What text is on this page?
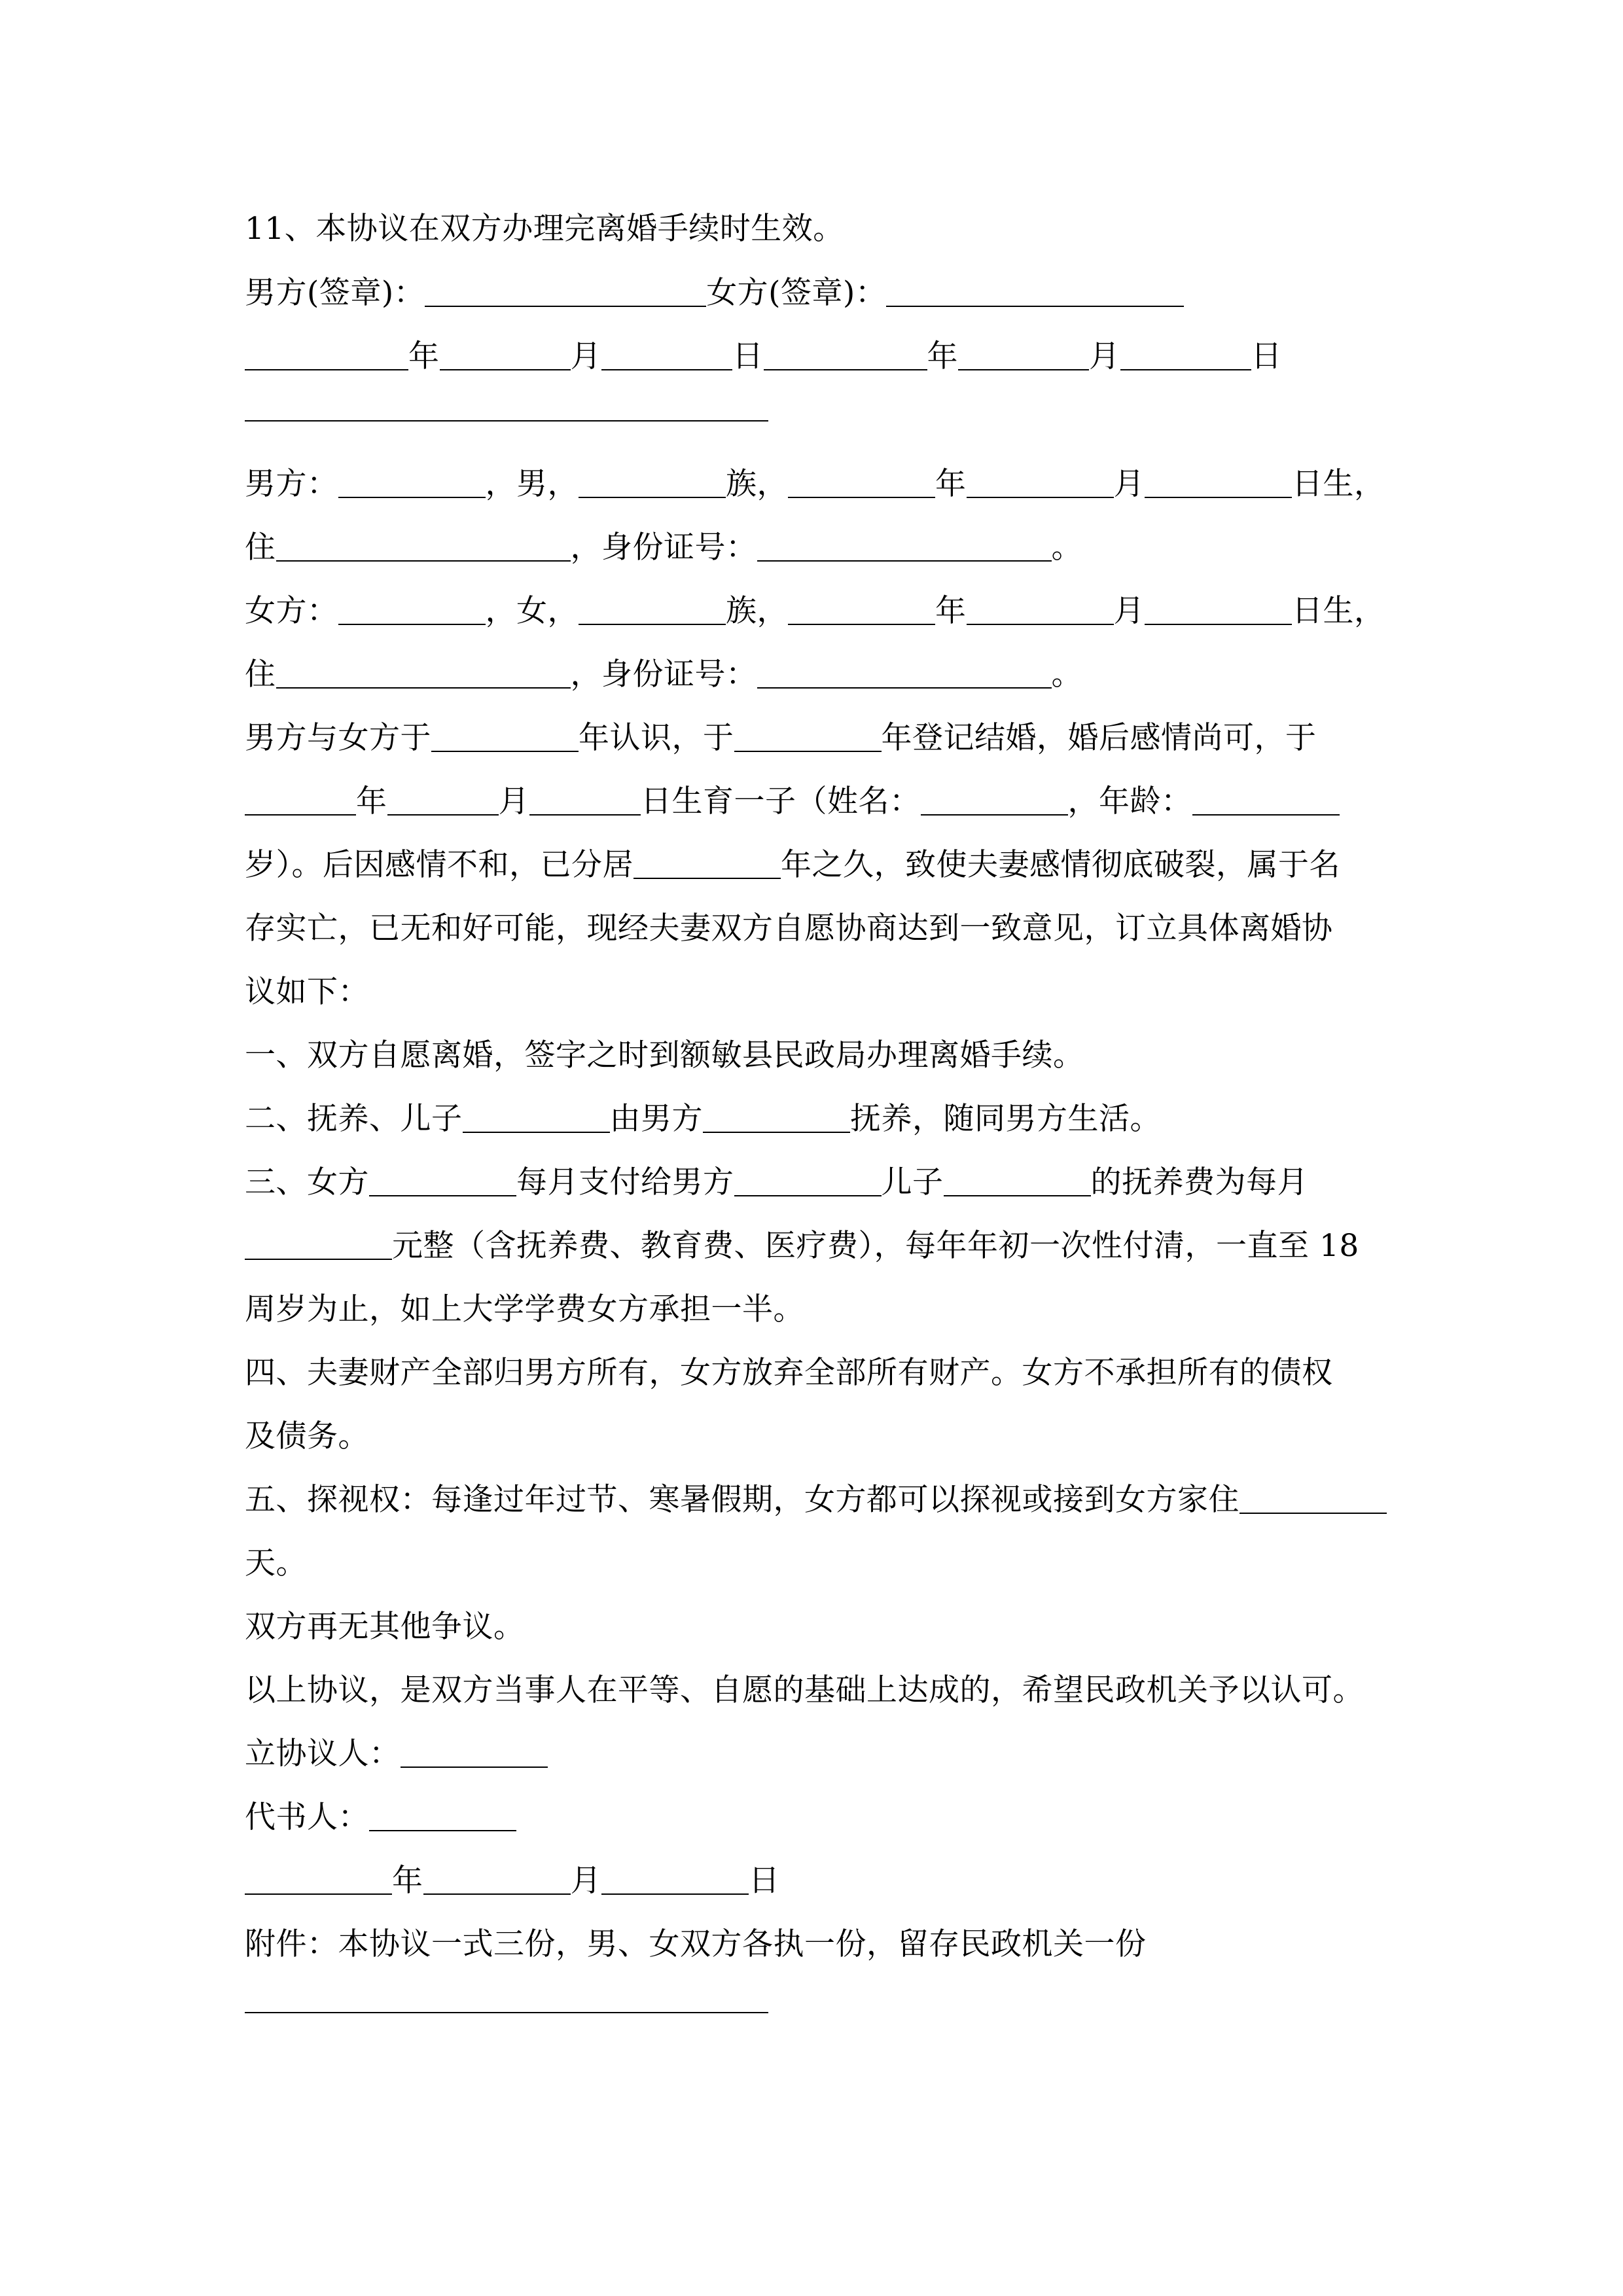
11、本协议在双方办理完离婚手续时生效。
男方(签章)：	女方(签章)：
年	月	日	年	月	日
男方：	，男，	族，	年	月	日生，
住	，身份证号：	。
女方：	，女，	族，	年	月	日生，
住	，身份证号：	。
男方与女方于	年认识，于	年登记结婚，婚后感情尚可，于
年	月	日生育一子（姓名：	，年龄：
岁）。后因感情不和，已分居	年之久，致使夫妻感情彻底破裂，属于名
存实亡，已无和好可能，现经夫妻双方自愿协商达到一致意见，订立具体离婚协
议如下：
一、双方自愿离婚，签字之时到额敏县民政局办理离婚手续。
二、抚养、儿子	由男方	抚养，随同男方生活。
三、女方	每月支付给男方	儿子	的抚养费为每月
元整（含抚养费、教育费、医疗费），每年年初一次性付清，一直至 18
周岁为止，如上大学学费女方承担一半。
四、夫妻财产全部归男方所有，女方放弃全部所有财产。女方不承担所有的债权
及债务。
五、探视权：每逢过年过节、寒暑假期，女方都可以探视或接到女方家住
天。
双方再无其他争议。
以上协议，是双方当事人在平等、自愿的基础上达成的，希望民政机关予以认可。
立协议人：
代书人：
年	月	日
附件：本协议一式三份，男、女双方各执一份，留存民政机关一份
